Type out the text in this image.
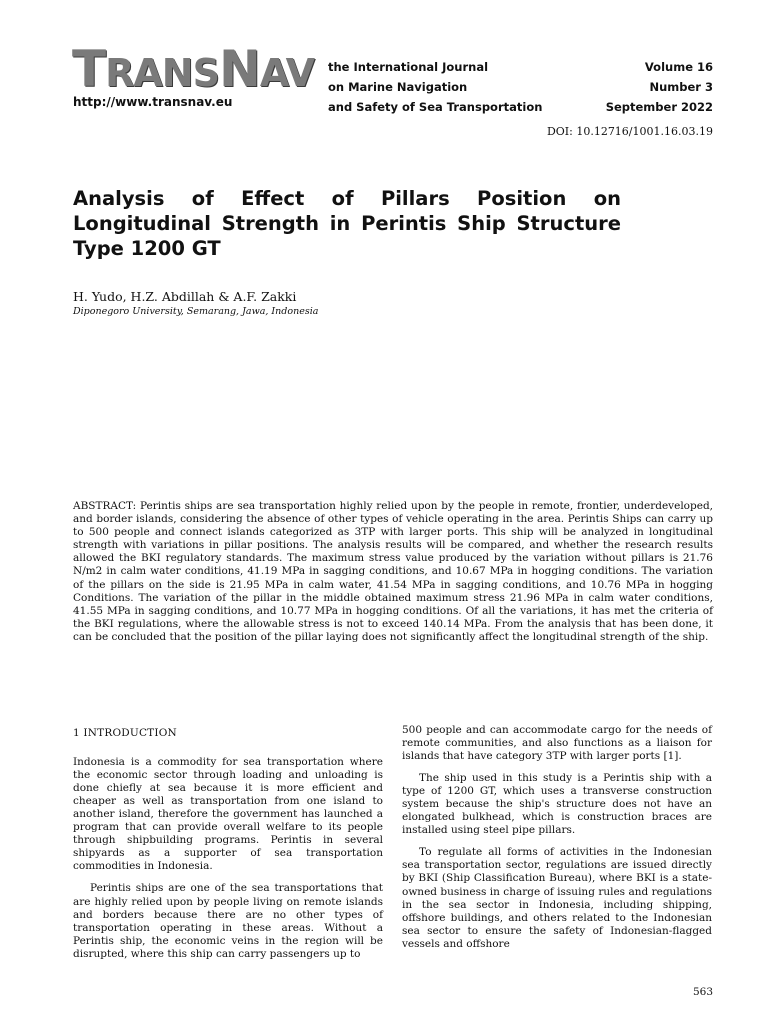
TRANSNAV
http://www.transnav.eu
the International Journal
on Marine Navigation
and Safety of Sea Transportation
Volume 16
Number 3
September 2022
DOI: 10.12716/1001.16.03.19
Analysis of Effect of Pillars Position on Longitudinal Strength in Perintis Ship Structure Type 1200 GT
H. Yudo, H.Z. Abdillah & A.F. Zakki
Diponegoro University, Semarang, Jawa, Indonesia
ABSTRACT: Perintis ships are sea transportation highly relied upon by the people in remote, frontier, underdeveloped, and border islands, considering the absence of other types of vehicle operating in the area. Perintis Ships can carry up to 500 people and connect islands categorized as 3TP with larger ports. This ship will be analyzed in longitudinal strength with variations in pillar positions. The analysis results will be compared, and whether the research results allowed the BKI regulatory standards. The maximum stress value produced by the variation without pillars is 21.76 N/m2 in calm water conditions, 41.19 MPa in sagging conditions, and 10.67 MPa in hogging conditions. The variation of the pillars on the side is 21.95 MPa in calm water, 41.54 MPa in sagging conditions, and 10.76 MPa in hogging Conditions. The variation of the pillar in the middle obtained maximum stress 21.96 MPa in calm water conditions, 41.55 MPa in sagging conditions, and 10.77 MPa in hogging conditions. Of all the variations, it has met the criteria of the BKI regulations, where the allowable stress is not to exceed 140.14 MPa. From the analysis that has been done, it can be concluded that the position of the pillar laying does not significantly affect the longitudinal strength of the ship.
1 INTRODUCTION

Indonesia is a commodity for sea transportation where the economic sector through loading and unloading is done chiefly at sea because it is more efficient and cheaper as well as transportation from one island to another island, therefore the government has launched a program that can provide overall welfare to its people through shipbuilding programs. Perintis in several shipyards as a supporter of sea transportation commodities in Indonesia.

Perintis ships are one of the sea transportations that are highly relied upon by people living on remote islands and borders because there are no other types of transportation operating in these areas. Without a Perintis ship, the economic veins in the region will be disrupted, where this ship can carry passengers up to

500 people and can accommodate cargo for the needs of remote communities, and also functions as a liaison for islands that have category 3TP with larger ports [1].

The ship used in this study is a Perintis ship with a type of 1200 GT, which uses a transverse construction system because the ship's structure does not have an elongated bulkhead, which is construction braces are installed using steel pipe pillars.

To regulate all forms of activities in the Indonesian sea transportation sector, regulations are issued directly by BKI (Ship Classification Bureau), where BKI is a state-owned business in charge of issuing rules and regulations in the sea sector in Indonesia, including shipping, offshore buildings, and others related to the Indonesian sea sector to ensure the safety of Indonesian-flagged vessels and offshore

563
